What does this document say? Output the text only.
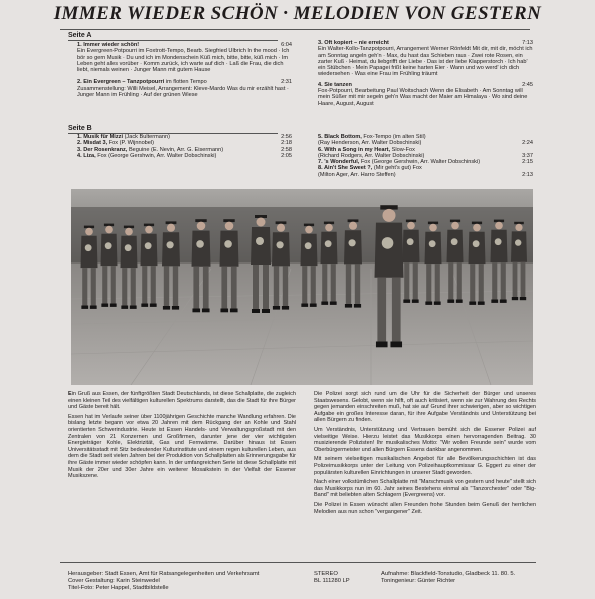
IMMER WIEDER SCHÖN · MELODIEN VON GESTERN
Seite A
1. Immer wieder schön!	6:04
Ein Evergreen-Potpourri im Foxtrott-Tempo, Bearb. Siegfried Ulbrich In the mood · Ich bör so gern Musik · Du und ich im Mondenschein Küß mich, bitte, bitte, küß mich · Im Leben geht alles vorüber · Komm zurück, ich warte auf dich · Laß die Frau, die dich liebt, niemals weinen · Junger Mann mit gutem Hause
2. Ein Evergreen – Tanzpotpourri im flotten Tempo	2:31
Zusammenstellung: Willi Meisel, Arrangement: Kleve-Mardo Was du mir erzählt hast · Junger Mann im Frühling · Auf der grünen Wiese
3. Oft kopiert – nie erreicht	7:13
Ein Walter-Kollo-Tanzpotpourri, Arrangement Werner Rönfeldt Mit dir, mit dir, möcht ich am Sonntag angeln geh'n · Max, du hast das Schieben raus · Zwei rote Rosen, ein zarter Kuß · Heimat, du liebgrifft der Liebe · Das ist der liebe Klapperstorch · Ich hab' ein Stübchen · Mein Papagei frißt keine harten Eier · Wann und wo werd' ich dich wiedersehen · Was eine Frau im Frühling träumt
4. Sie tanzen	2:45
Fox-Potpourri, Bearbeitung Paul Woitschach Wenn die Elisabeth · Am Sonntag will mein Süßer mit mir segeln geh'n Was macht der Maier am Himalaya · Wo sind deine Haare, August, August
Seite B
1. Musik für Mizzi (Jack Bultermann)	2:56
2. Misdat 3, Fox (P. Wijnnobel)	2:18
3. Der Rosenkranz, Beguine (E. Nevin, Arr. G. Eisermann)	2:58
4. Liza, Fox (George Gershwin, Arr. Walter Dobschinski)	2:05
5. Black Bottom, Fox-Tempo (im alten Stil)
(Ray Henderson, Arr. Walter Dobschinski)	2:24
6. With a Song in my Heart, Slow-Fox
(Richard Rodgers, Arr. Walter Dobschinski)	3:37
7. 's Wonderful, Fox (George Gershwin, Arr. Walter Dobschinski)	2:15
8. Ain't She Sweet ?, (Mir geht's gut) Fox
(Milton Ager, Arr. Harro Steffen)	2:13

Ein Gruß aus Essen, der fünftgrößten Stadt Deutschlands, ist diese Schallplatte, die zugleich einen kleinen Teil des vielfältigen kulturellen Spektrums darstellt, das die Stadt für ihre Bürger und Gäste bereit hält.

Essen hat im Verlaufe seiner über 1100jährigen Geschichte manche Wandlung erfahren. Die bislang letzte begann vor etwa 20 Jahren mit dem Rückgang der an Kohle und Stahl orientierten Schwerindustrie. Heute ist Essen Handels- und Verwaltungsgroßstadt mit den Zentralen von 21 Konzernen und Großfirmen, darunter jene der vier wichtigsten Energieträger Kohle, Elektrizität, Gas und Fernwärme. Darüber hinaus ist Essen Universitätsstadt mit Sitz bedeutender Kulturinstitute und einem regen kulturellen Leben, aus dem die Stadt seit vielen Jahren bei der Produktion von Schallplatten als Erinnerungsgabe für ihre Gäste immer wieder schöpfen kann. In der umfangreichen Serie ist diese Schallplatte mit Musik der 20er und 30er Jahre ein weiterer Mosaikstein in der Vielfalt der Essener Musikszene.

Die Polizei sorgt sich rund um die Uhr für die Sicherheit der Bürger und unseres Staatswesens. Gelobt, wenn sie hilft, oft auch kritisiert, wenn sie zur Wahrung des Rechts gegen jemanden einschreiten muß, hat sie auf Grund ihrer schwierigen, aber so wichtigen Aufgabe ein großes Interesse daran, für ihre Aufgabe Verständnis und Unterstützung bei allen Bürgern zu finden.

Um Verständnis, Unterstützung und Vertrauen bemüht sich die Essener Polizei auf vielseitige Weise. Hierzu leistet das Musikkorps einen hervorragenden Beitrag. 30 musizierende Polizisten! Ihr musikalisches Motto: "Wir wollen Freunde sein" wurde vom Oberbürgermeister und allen Bürgern Essens dankbar angenommen.

Mit seinem vielseitigen musikalischen Angebot für alle Bevölkerungsschichten ist das Polizeimusikkorps unter der Leitung von Polizeihauptkommissar G. Eggert zu einer der populärsten kulturellen Einrichtungen in unserer Stadt geworden.

Nach einer volkstümlichen Schallplatte mit "Marschmusik von gestern und heute" stellt sich das Musikkorps nun im 60. Jahr seines Bestehens einmal als "Tanzorchester" oder "Big-Band" mit beliebten alten Schlagern (Evergreens) vor.

Die Polizei in Essen wünscht allen Freunden frohe Stunden beim Genuß der herrlichen Melodien aus nun schon "vergangener" Zeit.

Herausgeber: Stadt Essen, Amt für Ratsangelegenheiten und Verkehrsamt
Cover Gestaltung: Karin Steinwedel
Titel-Foto: Peter Happel, Stadtbildstelle
STEREO
BL 111280 LP
Aufnahme: Blackfield-Tonstudio, Gladbeck 11. 80. 5.
Toningenieur: Günter Richter
